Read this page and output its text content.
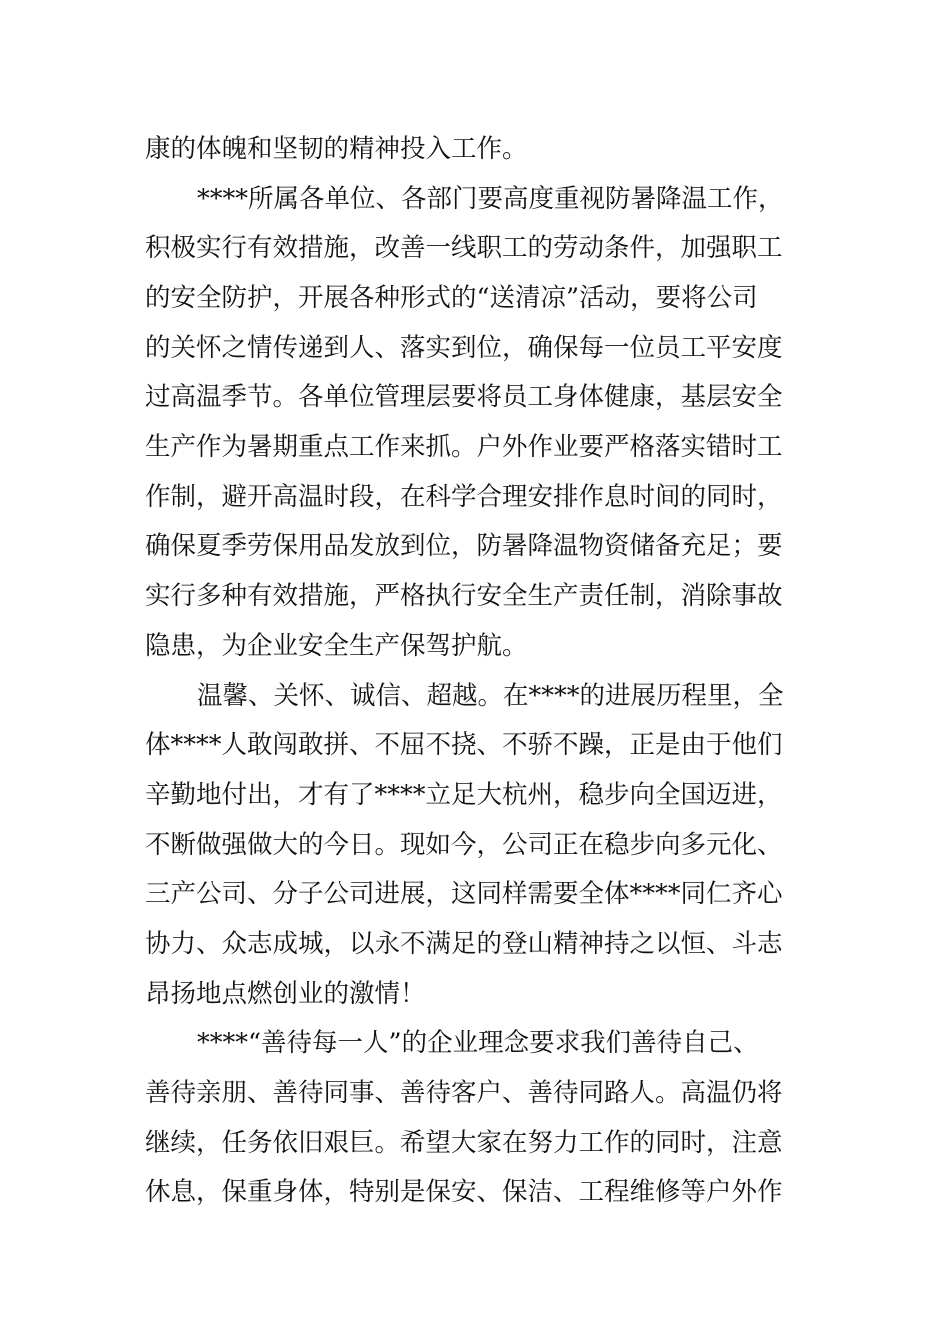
康的体魄和坚韧的精神投入工作。
****所属各单位、各部门要高度重视防暑降温工作，
积极实行有效措施，改善一线职工的劳动条件，加强职工
的安全防护，开展各种形式的“送清凉”活动，要将公司
的关怀之情传递到人、落实到位，确保每一位员工平安度
过高温季节。各单位管理层要将员工身体健康，基层安全
生产作为暑期重点工作来抓。户外作业要严格落实错时工
作制，避开高温时段，在科学合理安排作息时间的同时，
确保夏季劳保用品发放到位，防暑降温物资储备充足；要
实行多种有效措施，严格执行安全生产责任制，消除事故
隐患，为企业安全生产保驾护航。
温馨、关怀、诚信、超越。在****的进展历程里，全
体****人敢闯敢拼、不屈不挠、不骄不躁，正是由于他们
辛勤地付出，才有了****立足大杭州，稳步向全国迈进，
不断做强做大的今日。现如今，公司正在稳步向多元化、
三产公司、分子公司进展，这同样需要全体****同仁齐心
协力、众志成城，以永不满足的登山精神持之以恒、斗志
昂扬地点燃创业的激情！
****“善待每一人”的企业理念要求我们善待自己、
善待亲朋、善待同事、善待客户、善待同路人。高温仍将
继续，任务依旧艰巨。希望大家在努力工作的同时，注意
休息，保重身体，特别是保安、保洁、工程维修等户外作
